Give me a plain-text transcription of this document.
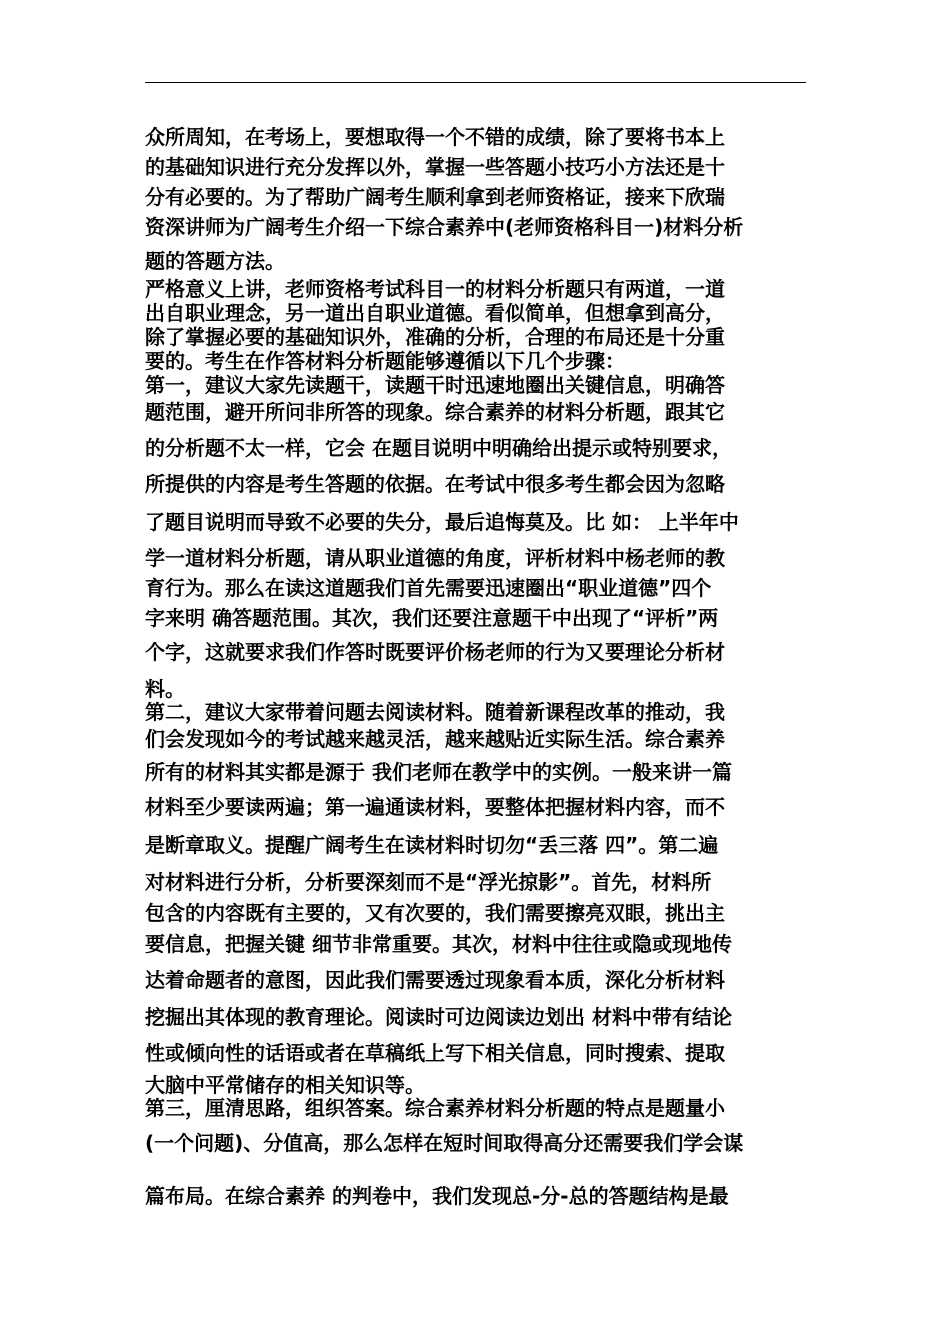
众所周知，在考场上，要想取得一个不错的成绩，除了要将书本上

的基础知识进行充分发挥以外，掌握一些答题小技巧小方法还是十

分有必要的。为了帮助广阔考生顺利拿到老师资格证，接来下欣瑞

资深讲师为广阔考生介绍一下综合素养中(老师资格科目一)材料分析

题的答题方法。

严格意义上讲，老师资格考试科目一的材料分析题只有两道，一道

出自职业理念，另一道出自职业道德。看似简单，但想拿到高分，

除了掌握必要的基础知识外，准确的分析，合理的布局还是十分重

要的。考生在作答材料分析题能够遵循以下几个步骤：

第一，建议大家先读题干，读题干时迅速地圈出关键信息，明确答

题范围，避开所问非所答的现象。综合素养的材料分析题，跟其它

的分析题不太一样，它会 在题目说明中明确给出提示或特别要求，

所提供的内容是考生答题的依据。在考试中很多考生都会因为忽略

了题目说明而导致不必要的失分，最后追悔莫及。比 如： 上半年中

学一道材料分析题，请从职业道德的角度，评析材料中杨老师的教

育行为。那么在读这道题我们首先需要迅速圈出“职业道德”四个

字来明 确答题范围。其次，我们还要注意题干中出现了“评析”两

个字，这就要求我们作答时既要评价杨老师的行为又要理论分析材

料。

第二，建议大家带着问题去阅读材料。随着新课程改革的推动，我

们会发现如今的考试越来越灵活，越来越贴近实际生活。综合素养

所有的材料其实都是源于 我们老师在教学中的实例。一般来讲一篇

材料至少要读两遍；第一遍通读材料，要整体把握材料内容，而不

是断章取义。提醒广阔考生在读材料时切勿“丢三落 四”。第二遍

对材料进行分析，分析要深刻而不是“浮光掠影”。首先，材料所

包含的内容既有主要的，又有次要的，我们需要擦亮双眼，挑出主

要信息，把握关键 细节非常重要。其次，材料中往往或隐或现地传

达着命题者的意图，因此我们需要透过现象看本质，深化分析材料

挖掘出其体现的教育理论。阅读时可边阅读边划出 材料中带有结论

性或倾向性的话语或者在草稿纸上写下相关信息，同时搜索、提取

大脑中平常储存的相关知识等。

第三，厘清思路，组织答案。综合素养材料分析题的特点是题量小

(一个问题)、分值高，那么怎样在短时间取得高分还需要我们学会谋

篇布局。在综合素养 的判卷中，我们发现总-分-总的答题结构是最
